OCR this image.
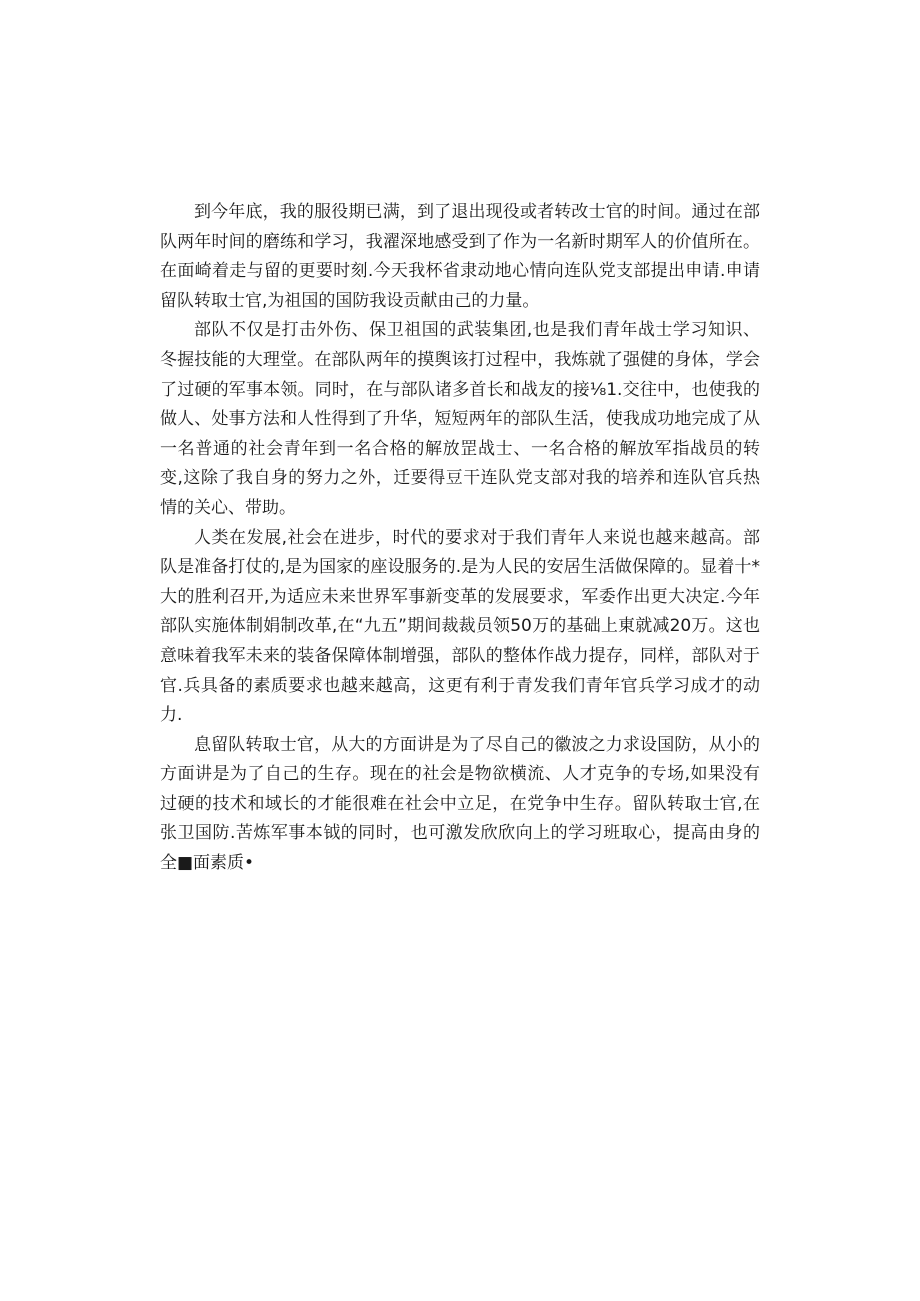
到今年底，我的服役期已满，到了退出现役或者转改士官的时间。通过在部队两年时间的磨练和学习，我濯深地感受到了作为一名新时期军人的价值所在。在面崎着走与留的更要时刻.今天我杯省隶动地心情向连队党支部提出申请.申请留队转取士官,为祖国的国防我设贡献由己的力量。

部队不仅是打击外伤、保卫祖国的武装集团,也是我们青年战士学习知识、冬握技能的大理堂。在部队两年的摸舆该打过程中，我炼就了强健的身体，学会了过硬的军事本领。同时，在与部队诸多首长和战友的接⅛1.交往中，也使我的做人、处事方法和人性得到了升华，短短两年的部队生活，使我成功地完成了从一名普通的社会青年到一名合格的解放罡战士、一名合格的解放军指战员的转变,这除了我自身的努力之外，迁要得豆干连队党支部对我的培养和连队官兵热情的关心、带助。

人类在发展,社会在进步，时代的要求对于我们青年人来说也越来越高。部队是准备打仗的,是为国家的座设服务的.是为人民的安居生活做保障的。显着十*大的胜利召开,为适应未来世界军事新变革的发展要求，军委作出更大决定.今年部队实施体制娟制改革,在“九五”期间裁裁员领50万的基础上東就减20万。这也意味着我军未来的装备保障体制增强，部队的整体作战力提存，同样，部队对于官.兵具备的素质要求也越来越高，这更有利于青发我们青年官兵学习成才的动力.

息留队转取士官，从大的方面讲是为了尽自己的徽波之力求设国防，从小的方面讲是为了自己的生存。现在的社会是物欲横流、人才克争的专场,如果没有过硬的技术和域长的才能很难在社会中立足，在党争中生存。留队转取士官,在张卫国防.苦炼军事本钺的同时，也可激发欣欣向上的学习班取心，提高由身的全■面素质•
